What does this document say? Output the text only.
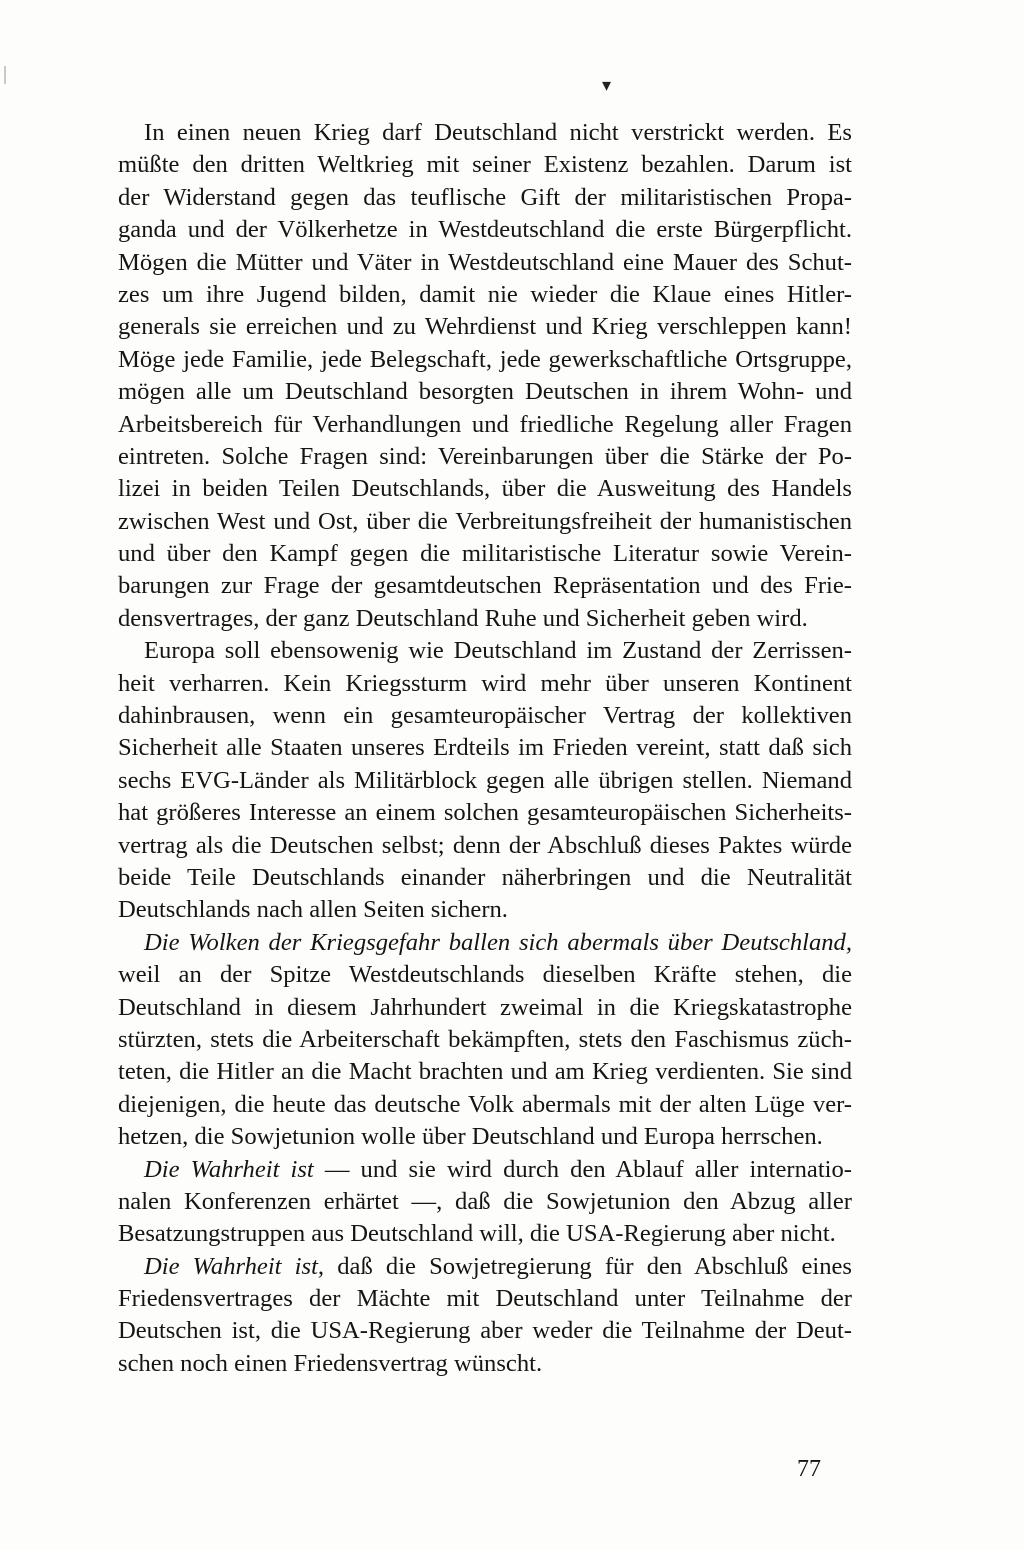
▾
In einen neuen Krieg darf Deutschland nicht verstrickt werden. Es
müßte den dritten Weltkrieg mit seiner Existenz bezahlen. Darum ist
der Widerstand gegen das teuflische Gift der militaristischen Propa-
ganda und der Völkerhetze in Westdeutschland die erste Bürgerpflicht.
Mögen die Mütter und Väter in Westdeutschland eine Mauer des Schut-
zes um ihre Jugend bilden, damit nie wieder die Klaue eines Hitler-
generals sie erreichen und zu Wehrdienst und Krieg verschleppen kann!
Möge jede Familie, jede Belegschaft, jede gewerkschaftliche Ortsgruppe,
mögen alle um Deutschland besorgten Deutschen in ihrem Wohn- und
Arbeitsbereich für Verhandlungen und friedliche Regelung aller Fragen
eintreten. Solche Fragen sind: Vereinbarungen über die Stärke der Po-
lizei in beiden Teilen Deutschlands, über die Ausweitung des Handels
zwischen West und Ost, über die Verbreitungsfreiheit der humanistischen
und über den Kampf gegen die militaristische Literatur sowie Verein-
barungen zur Frage der gesamtdeutschen Repräsentation und des Frie-
densvertrages, der ganz Deutschland Ruhe und Sicherheit geben wird.
Europa soll ebensowenig wie Deutschland im Zustand der Zerrissen-
heit verharren. Kein Kriegssturm wird mehr über unseren Kontinent
dahinbrausen, wenn ein gesamteuropäischer Vertrag der kollektiven
Sicherheit alle Staaten unseres Erdteils im Frieden vereint, statt daß sich
sechs EVG-Länder als Militärblock gegen alle übrigen stellen. Niemand
hat größeres Interesse an einem solchen gesamteuropäischen Sicherheits-
vertrag als die Deutschen selbst; denn der Abschluß dieses Paktes würde
beide Teile Deutschlands einander näherbringen und die Neutralität
Deutschlands nach allen Seiten sichern.
Die Wolken der Kriegsgefahr ballen sich abermals über Deutschland,
weil an der Spitze Westdeutschlands dieselben Kräfte stehen, die
Deutschland in diesem Jahrhundert zweimal in die Kriegskatastrophe
stürzten, stets die Arbeiterschaft bekämpften, stets den Faschismus züch-
teten, die Hitler an die Macht brachten und am Krieg verdienten. Sie sind
diejenigen, die heute das deutsche Volk abermals mit der alten Lüge ver-
hetzen, die Sowjetunion wolle über Deutschland und Europa herrschen.
Die Wahrheit ist — und sie wird durch den Ablauf aller internatio-
nalen Konferenzen erhärtet —, daß die Sowjetunion den Abzug aller
Besatzungstruppen aus Deutschland will, die USA-Regierung aber nicht.
Die Wahrheit ist, daß die Sowjetregierung für den Abschluß eines
Friedensvertrages der Mächte mit Deutschland unter Teilnahme der
Deutschen ist, die USA-Regierung aber weder die Teilnahme der Deut-
schen noch einen Friedensvertrag wünscht.
77
